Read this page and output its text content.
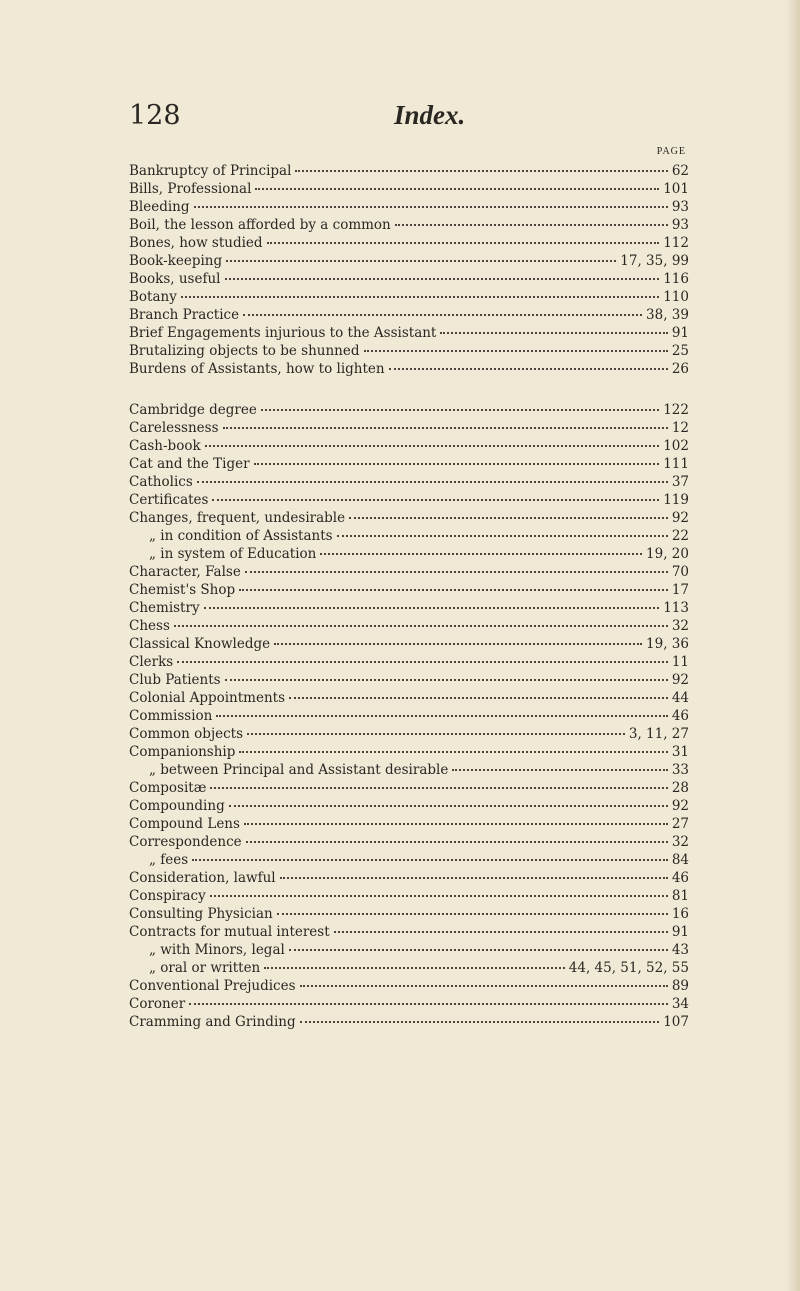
128	Index.
PAGE
Bankruptcy of Principal	62
Bills, Professional	101
Bleeding	93
Boil, the lesson afforded by a common	93
Bones, how studied	112
Book-keeping	17, 35, 99
Books, useful	116
Botany	110
Branch Practice	38, 39
Brief Engagements injurious to the Assistant	91
Brutalizing objects to be shunned	25
Burdens of Assistants, how to lighten	26
Cambridge degree	122
Carelessness	12
Cash-book	102
Cat and the Tiger	111
Catholics	37
Certificates	119
Changes, frequent, undesirable	92
„ in condition of Assistants	22
„ in system of Education	19, 20
Character, False	70
Chemist's Shop	17
Chemistry	113
Chess	32
Classical Knowledge	19, 36
Clerks	11
Club Patients	92
Colonial Appointments	44
Commission	46
Common objects	3, 11, 27
Companionship	31
„ between Principal and Assistant desirable	33
Compositæ	28
Compounding	92
Compound Lens	27
Correspondence	32
„ fees	84
Consideration, lawful	46
Conspiracy	81
Consulting Physician	16
Contracts for mutual interest	91
„ with Minors, legal	43
„ oral or written	44, 45, 51, 52, 55
Conventional Prejudices	89
Coroner	34
Cramming and Grinding	107
